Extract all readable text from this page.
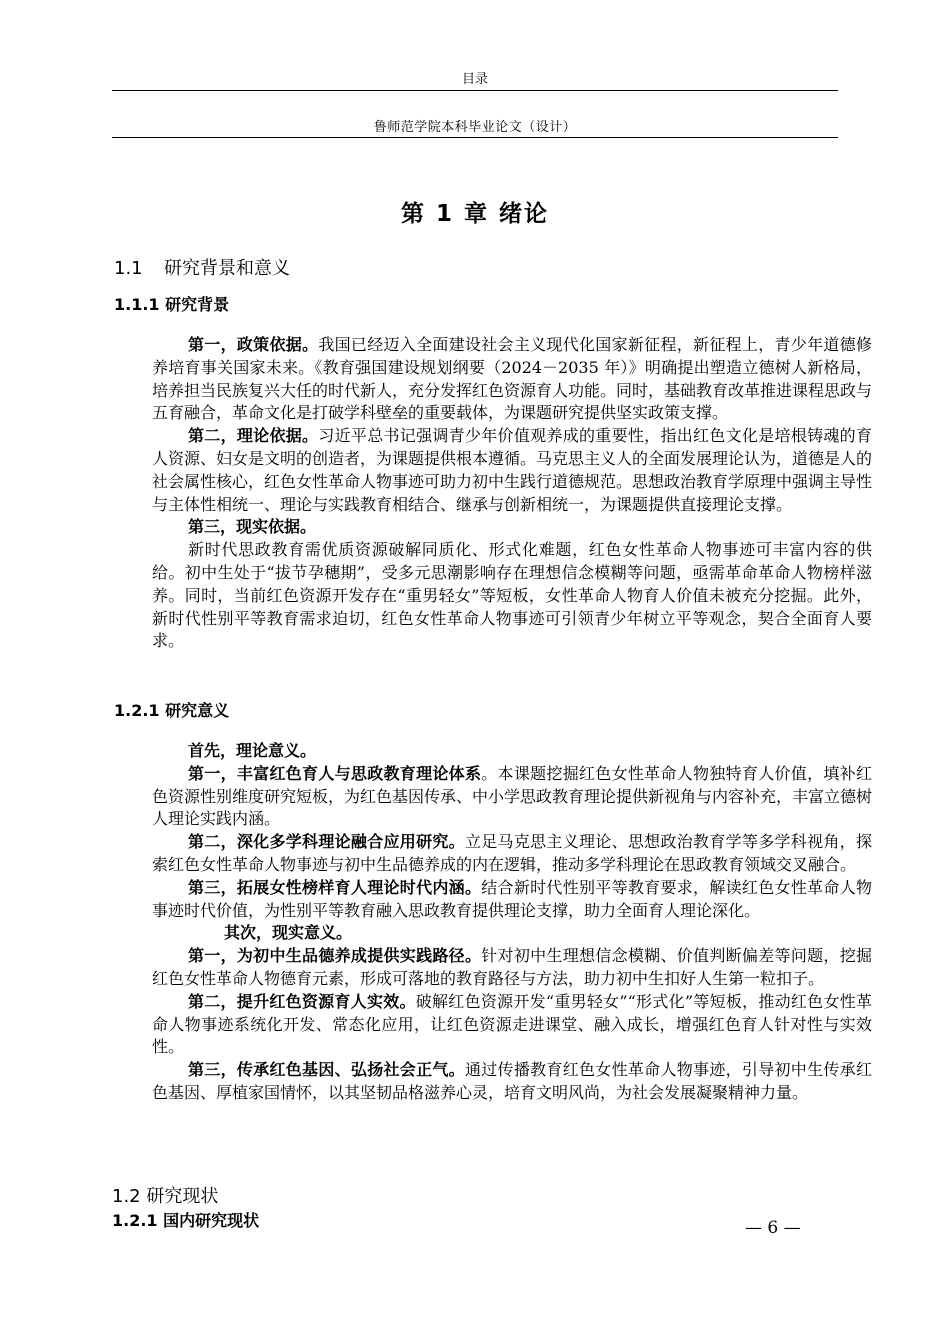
目录
鲁师范学院本科毕业论文（设计）
第 1 章 绪论
1.1 研究背景和意义
1.1.1 研究背景

第一，政策依据。我国已经迈入全面建设社会主义现代化国家新征程，新征程上，青少年道德修养培育事关国家未来。《教育强国建设规划纲要（2024－2035 年）》明确提出塑造立德树人新格局，培养担当民族复兴大任的时代新人，充分发挥红色资源育人功能。同时，基础教育改革推进课程思政与五育融合，革命文化是打破学科壁垒的重要载体，为课题研究提供坚实政策支撑。

第二，理论依据。习近平总书记强调青少年价值观养成的重要性，指出红色文化是培根铸魂的育人资源、妇女是文明的创造者，为课题提供根本遵循。马克思主义人的全面发展理论认为，道德是人的社会属性核心，红色女性革命人物事迹可助力初中生践行道德规范。思想政治教育学原理中强调主导性与主体性相统一、理论与实践教育相结合、继承与创新相统一，为课题提供直接理论支撑。

第三，现实依据。

新时代思政教育需优质资源破解同质化、形式化难题，红色女性革命人物事迹可丰富内容的供给。初中生处于“拔节孕穗期”，受多元思潮影响存在理想信念模糊等问题，亟需革命革命人物榜样滋养。同时，当前红色资源开发存在“重男轻女”等短板，女性革命人物育人价值未被充分挖掘。此外，新时代性别平等教育需求迫切，红色女性革命人物事迹可引领青少年树立平等观念，契合全面育人要求。

1.2.1 研究意义

首先，理论意义。

第一，丰富红色育人与思政教育理论体系。本课题挖掘红色女性革命人物独特育人价值，填补红色资源性别维度研究短板，为红色基因传承、中小学思政教育理论提供新视角与内容补充，丰富立德树人理论实践内涵。

第二，深化多学科理论融合应用研究。立足马克思主义理论、思想政治教育学等多学科视角，探索红色女性革命人物事迹与初中生品德养成的内在逻辑，推动多学科理论在思政教育领域交叉融合。

第三，拓展女性榜样育人理论时代内涵。结合新时代性别平等教育要求，解读红色女性革命人物事迹时代价值，为性别平等教育融入思政教育提供理论支撑，助力全面育人理论深化。

其次，现实意义。

第一，为初中生品德养成提供实践路径。针对初中生理想信念模糊、价值判断偏差等问题，挖掘红色女性革命人物德育元素，形成可落地的教育路径与方法，助力初中生扣好人生第一粒扣子。

第二，提升红色资源育人实效。破解红色资源开发“重男轻女”“形式化”等短板，推动红色女性革命人物事迹系统化开发、常态化应用，让红色资源走进课堂、融入成长，增强红色育人针对性与实效性。

第三，传承红色基因、弘扬社会正气。通过传播教育红色女性革命人物事迹，引导初中生传承红色基因、厚植家国情怀，以其坚韧品格滋养心灵，培育文明风尚，为社会发展凝聚精神力量。

1.2 研究现状
1.2.1 国内研究现状	— 6 —
